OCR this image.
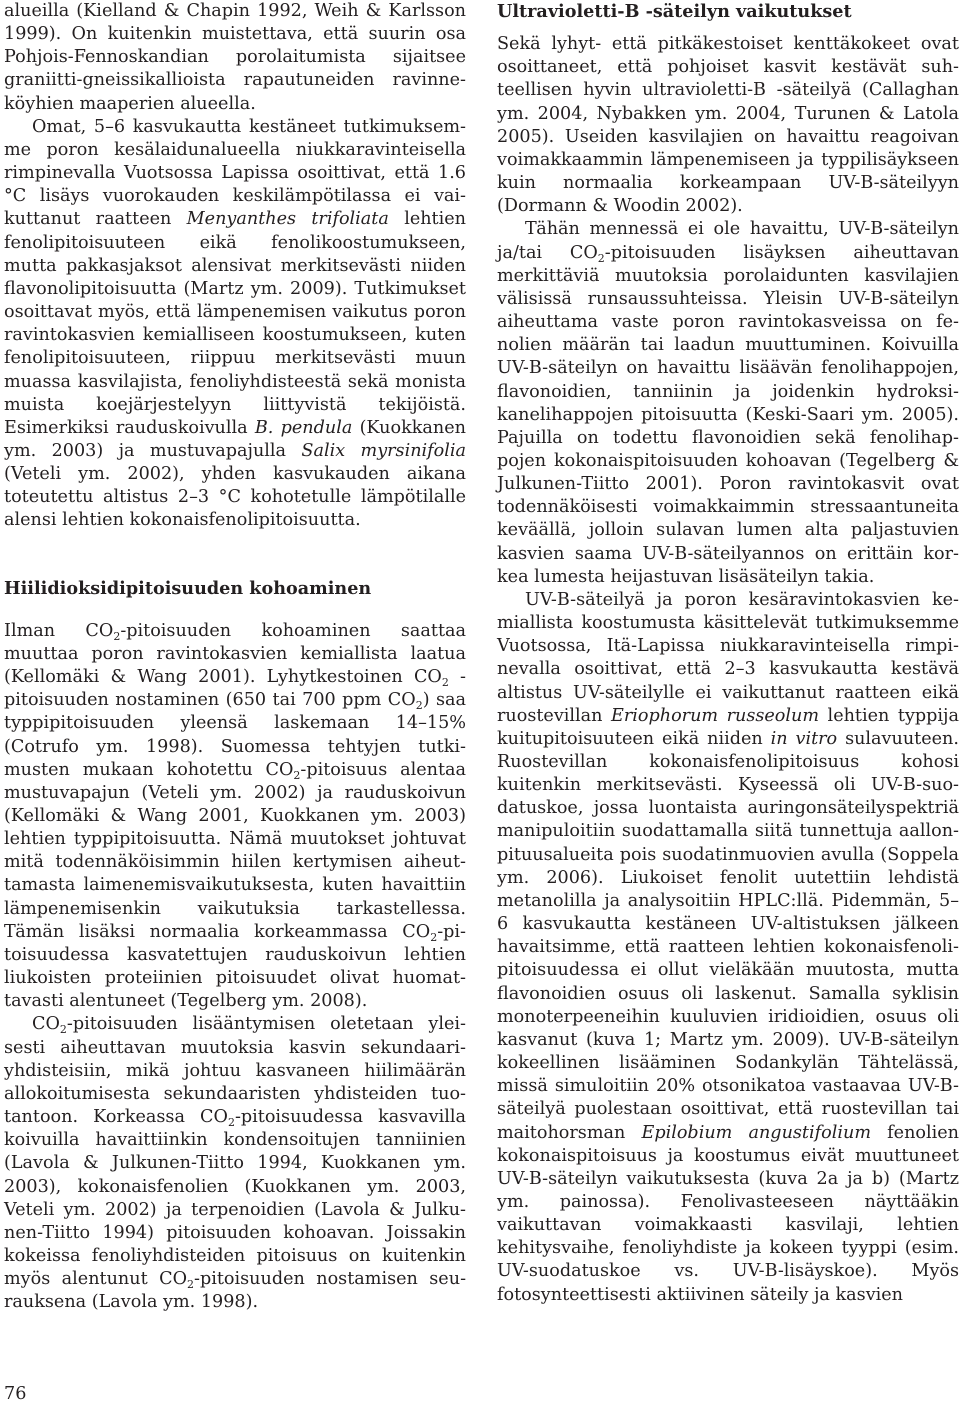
alueilla (Kielland & Chapin 1992, Weih & Karlsson 1999). On kuitenkin muistettava, että suurin osa Pohjois-Fennoskandian porolaitumista sijaitsee graniitti-gneissikallioista rapautuneiden ravinneköyhien maaperien alueella.

Omat, 5–6 kasvukautta kestäneet tutkimuksemme poron kesälaidunalueella niukkaravinteisella rimpinevalla Vuotsossa Lapissa osoittivat, että 1.6 °C lisäys vuorokauden keskilämpötilassa ei vaikuttanut raatteen Menyanthes trifoliata lehtien fenolipitoisuuteen eikä fenolikoostumukseen, mutta pakkasjaksot alensivat merkitsevästi niiden flavonolipitoisuutta (Martz ym. 2009). Tutkimukset osoittavat myös, että lämpenemisen vaikutus poron ravintokasvien kemialliseen koostumukseen, kuten fenolipitoisuuteen, riippuu merkitsevästi muun muassa kasvilajista, fenoliyhdisteestä sekä monista muista koejärjestelyyn liittyvistä tekijöistä. Esimerkiksi rauduskoivulla B. pendula (Kuokkanen ym. 2003) ja mustuvapajulla Salix myrsinifolia (Veteli ym. 2002), yhden kasvukauden aikana toteutettu altistus 2–3 °C kohotetulle lämpötilalle alensi lehtien kokonaisfenolipitoisuutta.

Hiilidioksidipitoisuuden kohoaminen

Ilman $CO_2$-pitoisuuden kohoaminen saattaa muuttaa poron ravintokasvien kemiallista laatua (Kellomäki & Wang 2001). Lyhytkestoinen $CO_2$ -pitoisuuden nostaminen (650 tai 700 ppm $CO_2$) saa typpipitoisuuden yleensä laskemaan 14–15% (Cotrufo ym. 1998). Suomessa tehtyjen tutkimusten mukaan kohotettu $CO_2$-pitoisuus alentaa mustuvapajun (Veteli ym. 2002) ja rauduskoivun (Kellomäki & Wang 2001, Kuokkanen ym. 2003) lehtien typpipitoisuutta. Nämä muutokset johtuvat mitä todennäköisimmin hiilen kertymisen aiheuttamasta laimenemisvaikutuksesta, kuten havaittiin lämpenemisenkin vaikutuksia tarkastellessa. Tämän lisäksi normaalia korkeammassa $CO_2$-pitoisuudessa kasvatettujen rauduskoivun lehtien liukoisten proteiinien pitoisuudet olivat huomattavasti alentuneet (Tegelberg ym. 2008).

$CO_2$-pitoisuuden lisääntymisen oletetaan yleisesti aiheuttavan muutoksia kasvin sekundaariyhdisteisiin, mikä johtuu kasvaneen hiilimäärän allokoitumisesta sekundaaristen yhdisteiden tuotantoon. Korkeassa $CO_2$-pitoisuudessa kasvavilla koivuilla havaittiinkin kondensoitujen tanniinien (Lavola & Julkunen-Tiitto 1994, Kuokkanen ym. 2003), kokonaisfenolien (Kuokkanen ym. 2003, Veteli ym. 2002) ja terpenoidien (Lavola & Julkunen-Tiitto 1994) pitoisuuden kohoavan. Joissakin kokeissa fenoliyhdisteiden pitoisuus on kuitenkin myös alentunut $CO_2$-pitoisuuden nostamisen seurauksena (Lavola ym. 1998).

Ultravioletti-B -säteilyn vaikutukset

Sekä lyhyt- että pitkäkestoiset kenttäkokeet ovat osoittaneet, että pohjoiset kasvit kestävät suhteellisen hyvin ultravioletti-B -säteilyä (Callaghan ym. 2004, Nybakken ym. 2004, Turunen & Latola 2005). Useiden kasvilajien on havaittu reagoivan voimakkaammin lämpenemiseen ja typpilisäykseen kuin normaalia korkeampaan UV-B-säteilyyn (Dormann & Woodin 2002).

Tähän mennessä ei ole havaittu, UV-B-säteilyn ja/tai $CO_2$-pitoisuuden lisäyksen aiheuttavan merkittäviä muutoksia porolaidunten kasvilajien välisissä runsaussuhteissa. Yleisin UV-B-säteilyn aiheuttama vaste poron ravintokasveissa on fenolien määrän tai laadun muuttuminen. Koivuilla UV-B-säteilyn on havaittu lisäävän fenolihappojen, flavonoidien, tanniinin ja joidenkin hydroksikanelihappojen pitoisuutta (Keski-Saari ym. 2005). Pajuilla on todettu flavonoidien sekä fenolihappojen kokonaispitoisuuden kohoavan (Tegelberg & Julkunen-Tiitto 2001). Poron ravintokasvit ovat todennäköisesti voimakkaimmin stressaantuneita keväällä, jolloin sulavan lumen alta paljastuvien kasvien saama UV-B-säteilyannos on erittäin korkea lumesta heijastuvan lisäsäteilyn takia.

UV-B-säteilyä ja poron kesäravintokasvien kemiallista koostumusta käsittelevät tutkimuksemme Vuotsossa, Itä-Lapissa niukkaravinteisella rimpinevalla osoittivat, että 2–3 kasvukautta kestävä altistus UV-säteilylle ei vaikuttanut raatteen eikä ruostevillan Eriophorum russeolum lehtien typpija kuitupitoisuuteen eikä niiden in vitro sulavuuteen. Ruostevillan kokonaisfenolipitoisuus kohosi kuitenkin merkitsevästi. Kyseessä oli UV-B-suodatuskoe, jossa luontaista auringonsäteilyspektriä manipuloitiin suodattamalla siitä tunnettuja aallonpituusalueita pois suodatinmuovien avulla (Soppela ym. 2006). Liukoiset fenolit uutettiin lehdistä metanolilla ja analysoitiin HPLC:llä. Pidemmän, 5–6 kasvukautta kestäneen UV-altistuksen jälkeen havaitsimme, että raatteen lehtien kokonaisfenolipitoisuudessa ei ollut vieläkään muutosta, mutta flavonoidien osuus oli laskenut. Samalla syklisin monoterpeeneihin kuuluvien iridioidien, osuus oli kasvanut (kuva 1; Martz ym. 2009). UV-B-säteilyn kokeellinen lisääminen Sodankylän Tähtelässä, missä simuloitiin 20% otsonikatoa vastaavaa UV-B-säteilyä puolestaan osoittivat, että ruostevillan tai maitohorsman Epilobium angustifolium fenolien kokonaispitoisuus ja koostumus eivät muuttuneet UV-B-säteilyn vaikutuksesta (kuva 2a ja b) (Martz ym. painossa). Fenolivasteeseen näyttääkin vaikuttavan voimakkaasti kasvilaji, lehtien kehitysvaihe, fenoliyhdiste ja kokeen tyyppi (esim. UV-suodatuskoe vs. UV-B-lisäyskoe). Myös fotosynteettisesti aktiivinen säteily ja kasvien

76
